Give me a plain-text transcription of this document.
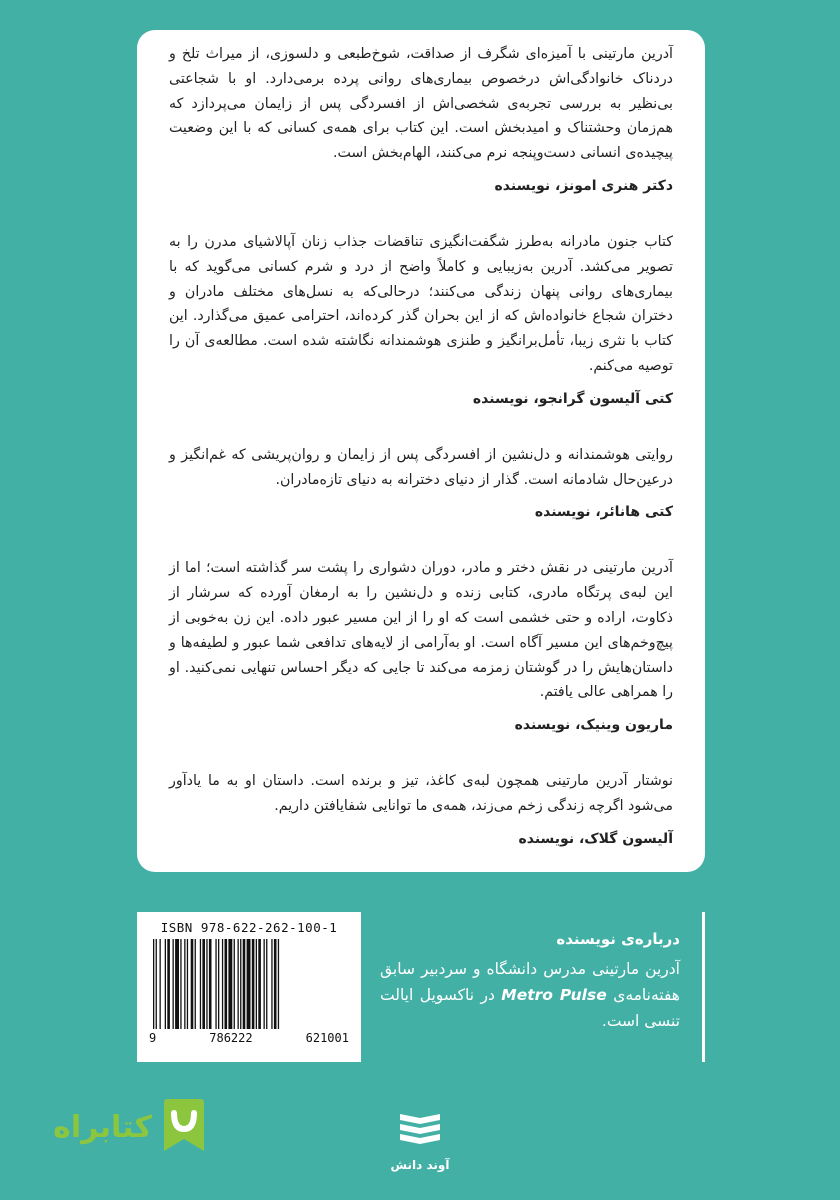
آدرین مارتینی با آمیزه‌ای شگرف از صداقت، شوخ‌طبعی و دلسوزی، از میراث تلخ و دردناک خانوادگی‌اش در‌خصوص بیماری‌های روانی پرده برمی‌دارد. او با شجاعتی بی‌نظیر به بررسی تجربه‌ی شخصی‌اش از افسردگی پس از زایمان می‌پردازد که هم‌زمان وحشتناک و امیدبخش است. این کتاب برای همه‌ی کسانی که با این وضعیت پیچیده‌ی انسانی دست‌وپنجه نرم می‌کنند، الهام‌بخش است.

دکتر هنری امونز، نویسنده

کتاب جنون مادرانه به‌طرز شگفت‌انگیزی تناقضات جذاب زنان آپالاشیای مدرن را به تصویر می‌کشد. آدرین به‌زیبایی و کاملاً واضح از درد و شرم کسانی می‌گوید که با بیماری‌های روانی پنهان زندگی می‌کنند؛ درحالی‌که به نسل‌های مختلف مادران و دختران شجاع خانواده‌اش که از این بحران گذر کرده‌اند، احترامی عمیق می‌گذارد. این کتاب با نثری زیبا، تأمل‌برانگیز و طنزی هوشمندانه نگاشته شده است. مطالعه‌ی آن را توصیه می‌کنم.

کتی آلیسون گرانجو، نویسنده

روایتی هوشمندانه و دل‌نشین از افسردگی پس از زایمان و روان‌پریشی که غم‌انگیز و درعین‌حال شادمانه است. گذار از دنیای دخترانه به دنیای تازه‌مادران.

کتی هانائر، نویسنده

آدرین مارتینی در نقش دختر و مادر، دوران دشواری را پشت سر گذاشته است؛ اما از این لبه‌ی پرتگاه مادری، کتابی زنده و دل‌نشین را به ارمغان آورده که سرشار از ذکاوت، اراده و حتی خشمی است که او را از این مسیر عبور داده. این زن به‌خوبی از پیچ‌وخم‌های این مسیر آگاه است. او به‌آرامی از لایه‌های تدافعی شما عبور و لطیفه‌ها و داستان‌هایش را در گوشتان زمزمه می‌کند تا جایی که دیگر احساس تنهایی نمی‌کنید. او را همراهی عالی یافتم.

ماریون وینیک، نویسنده

نوشتار آدرین مارتینی همچون لبه‌ی کاغذ، تیز و برنده است. داستان او به ما یادآور می‌شود اگرچه زندگی زخم می‌زند، همه‌ی ما توانایی شفایافتن داریم.

آلیسون گلاک، نویسنده
ISBN 978-622-262-100-1
9	786222	621001
درباره‌ی نویسنده

آدرین مارتینی مدرس دانشگاه و سردبیر سابق هفته‌نامه‌ی Metro Pulse در ناکسویل ایالت تنسی است.

آوند دانش
کتابراه
